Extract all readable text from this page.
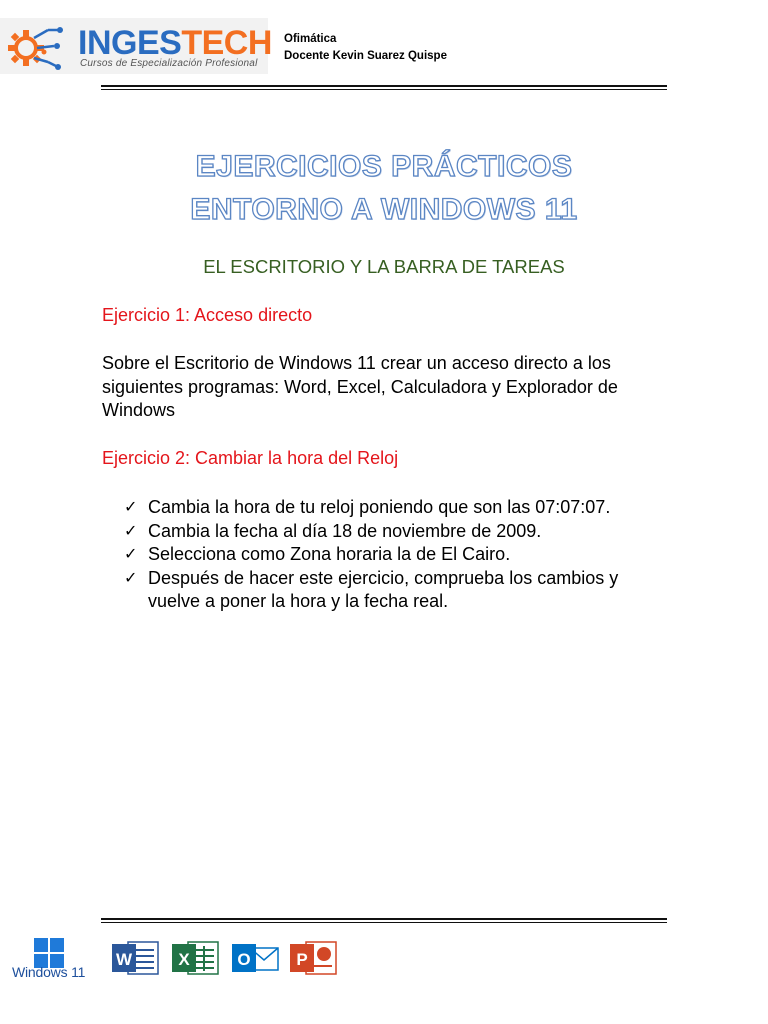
INGESTECH
Cursos de Especialización Profesional
Ofimática
Docente Kevin Suarez Quispe
EJERCICIOS PRÁCTICOS
ENTORNO A WINDOWS 11
EL ESCRITORIO Y LA BARRA DE TAREAS
Ejercicio 1: Acceso directo
Sobre el Escritorio de Windows 11 crear un acceso directo a los siguientes programas: Word, Excel, Calculadora y Explorador de Windows
Ejercicio 2: Cambiar la hora del Reloj
✓ Cambia la hora de tu reloj poniendo que son las 07:07:07.
✓ Cambia la fecha al día 18 de noviembre de 2009.
✓ Selecciona como Zona horaria la de El Cairo.
✓ Después de hacer este ejercicio, comprueba los cambios y vuelve a poner la hora y la fecha real.
Windows 11
W	X	O	P
